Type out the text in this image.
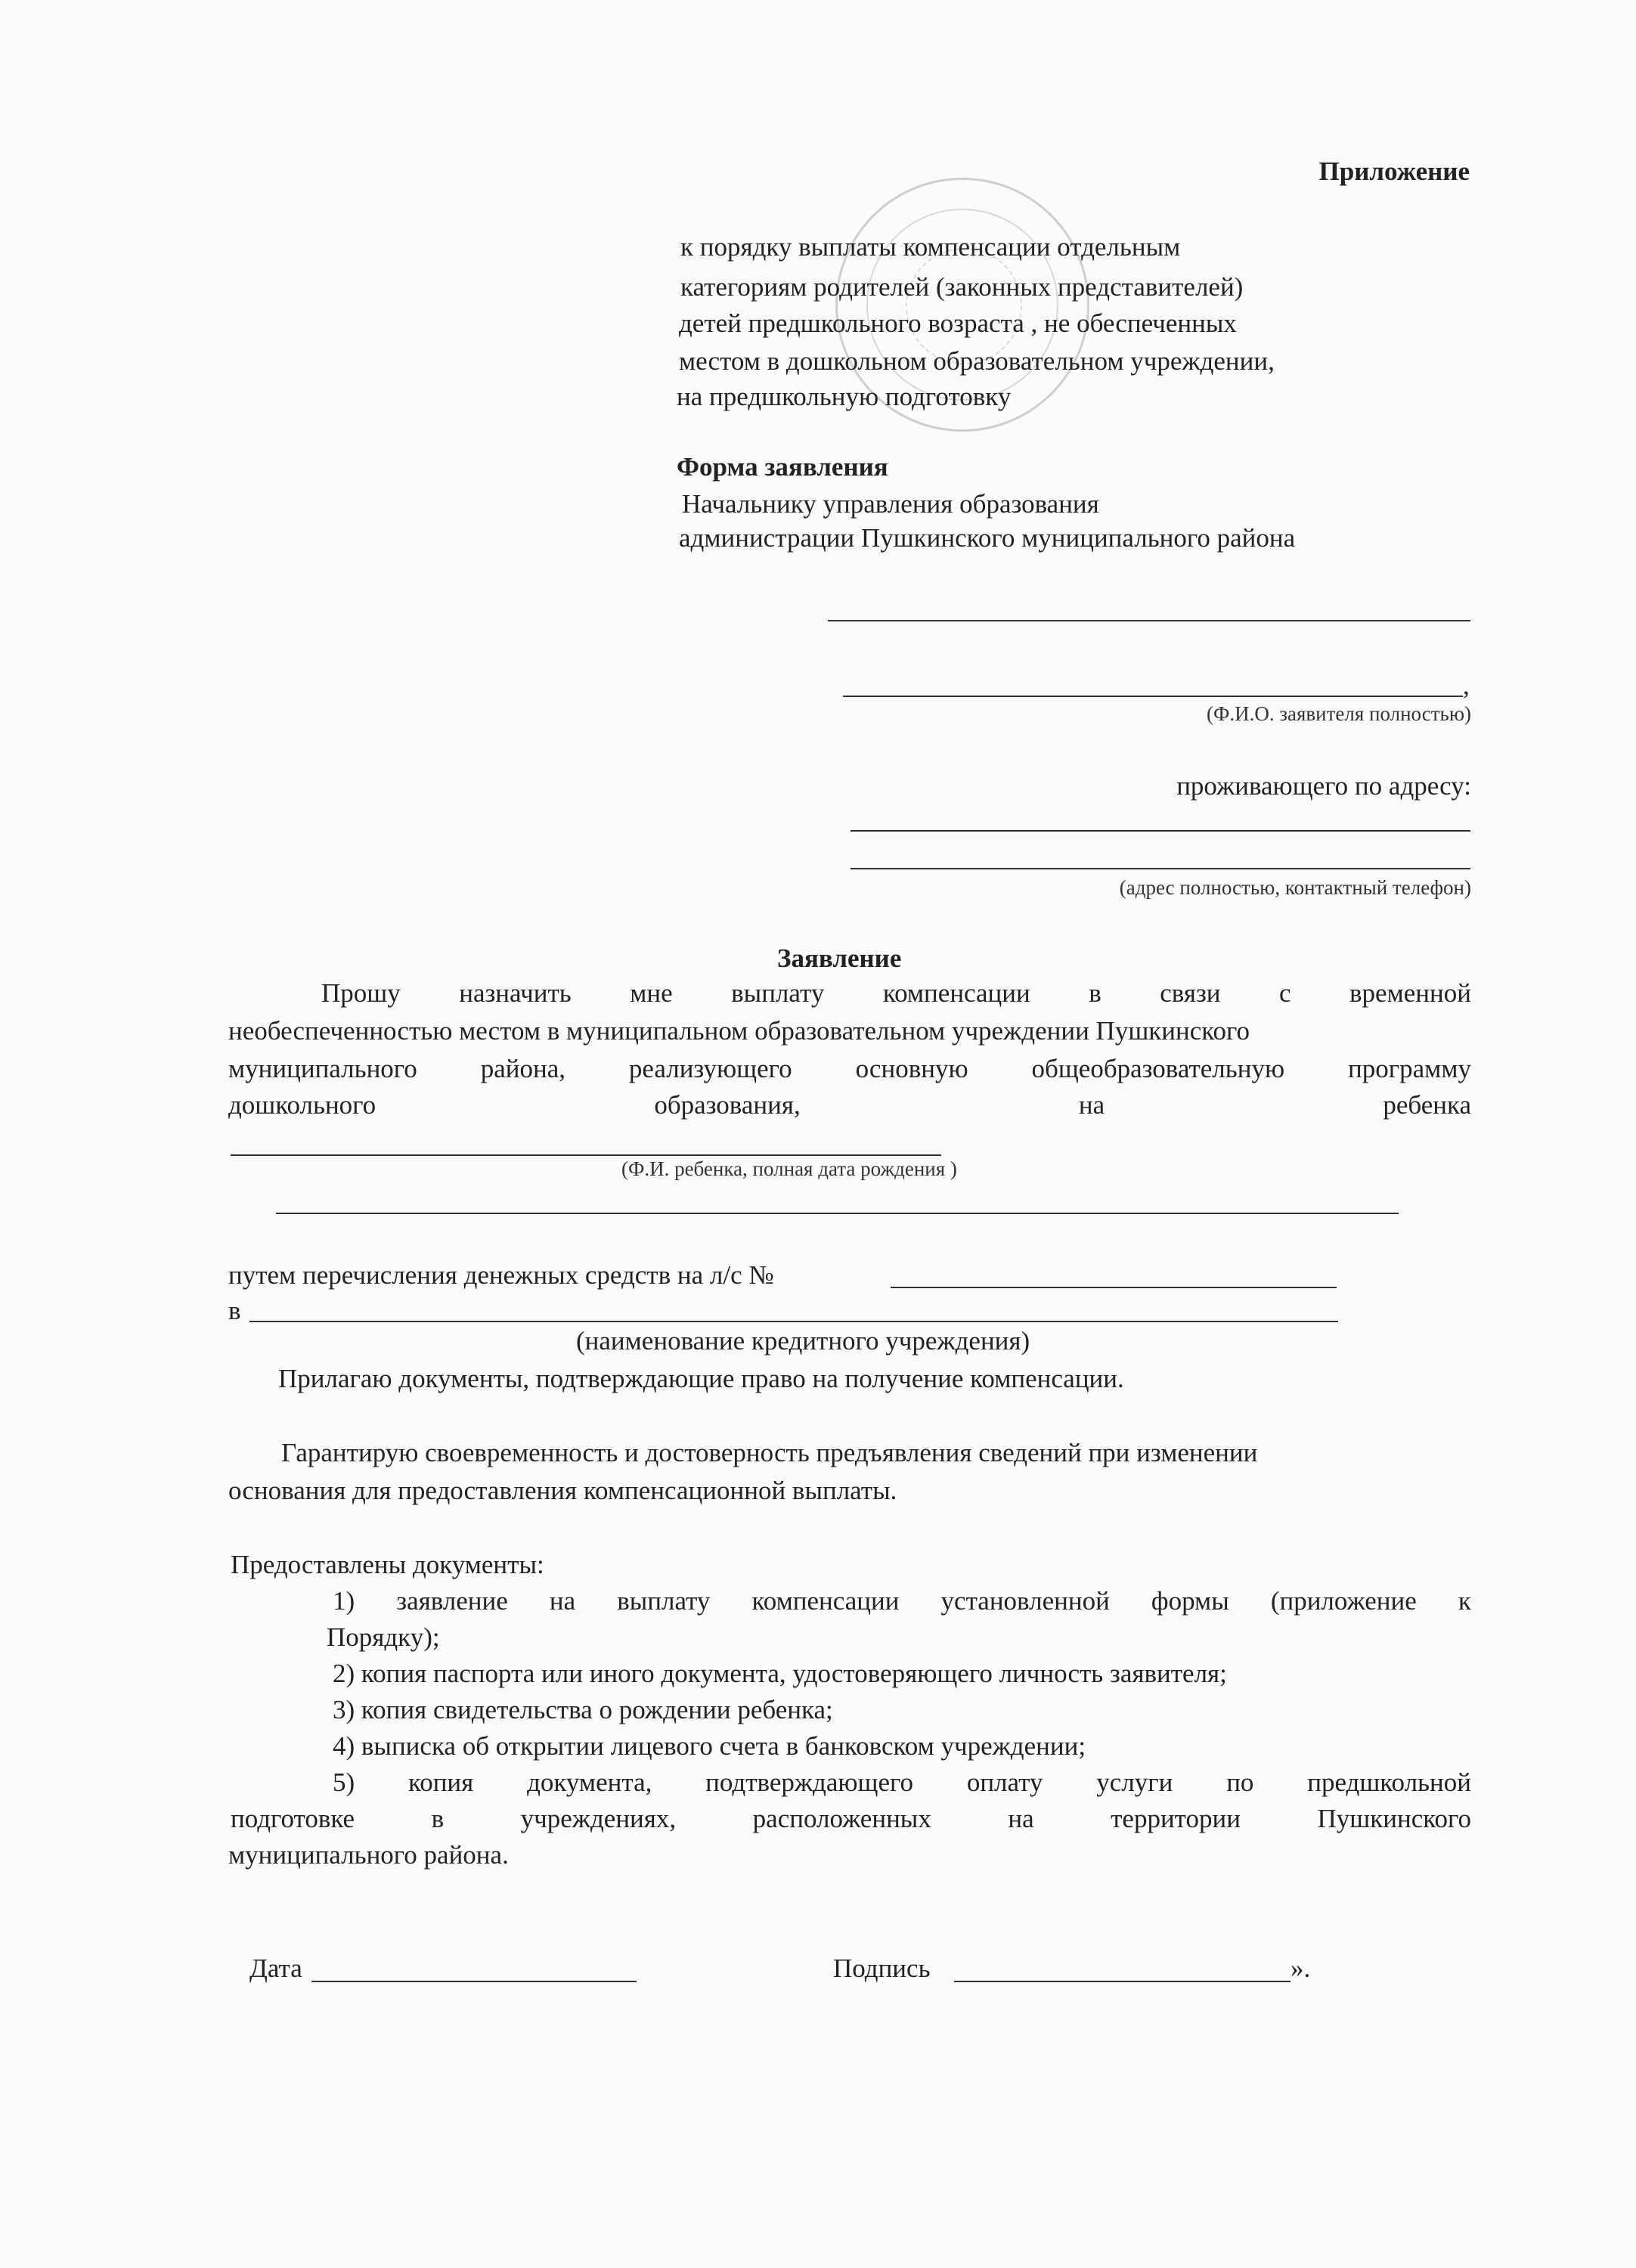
Приложение
к порядку выплаты компенсации отдельным
категориям родителей (законных представителей)
детей предшкольного возраста , не обеспеченных
местом в дошкольном образовательном учреждении,
на предшкольную подготовку
Форма заявления
Начальнику управления образования
администрации Пушкинского муниципального района
,
(Ф.И.О. заявителя полностью)
проживающего по адресу:
(адрес полностью, контактный телефон)
Заявление
Прошу назначить мне выплату компенсации в связи с временной
необеспеченностью местом в муниципальном образовательном учреждении Пушкинского
муниципального района, реализующего основную общеобразовательную программу
дошкольного	образования,	на	ребенка
(Ф.И. ребенка, полная дата рождения )
путем перечисления денежных средств на л/с №
в
(наименование кредитного учреждения)
Прилагаю документы, подтверждающие право на получение компенсации.
Гарантирую своевременность и достоверность предъявления сведений при изменении
основания для предоставления компенсационной выплаты.
Предоставлены документы:
1) заявление на выплату компенсации установленной формы (приложение к
Порядку);
2) копия паспорта или иного документа, удостоверяющего личность заявителя;
3) копия свидетельства о рождении ребенка;
4) выписка об открытии лицевого счета в банковском учреждении;
5) копия документа, подтверждающего оплату услуги по предшкольной
подготовке	в	учреждениях,	расположенных	на	территории	Пушкинского
муниципального района.
Дата	Подпись	».
